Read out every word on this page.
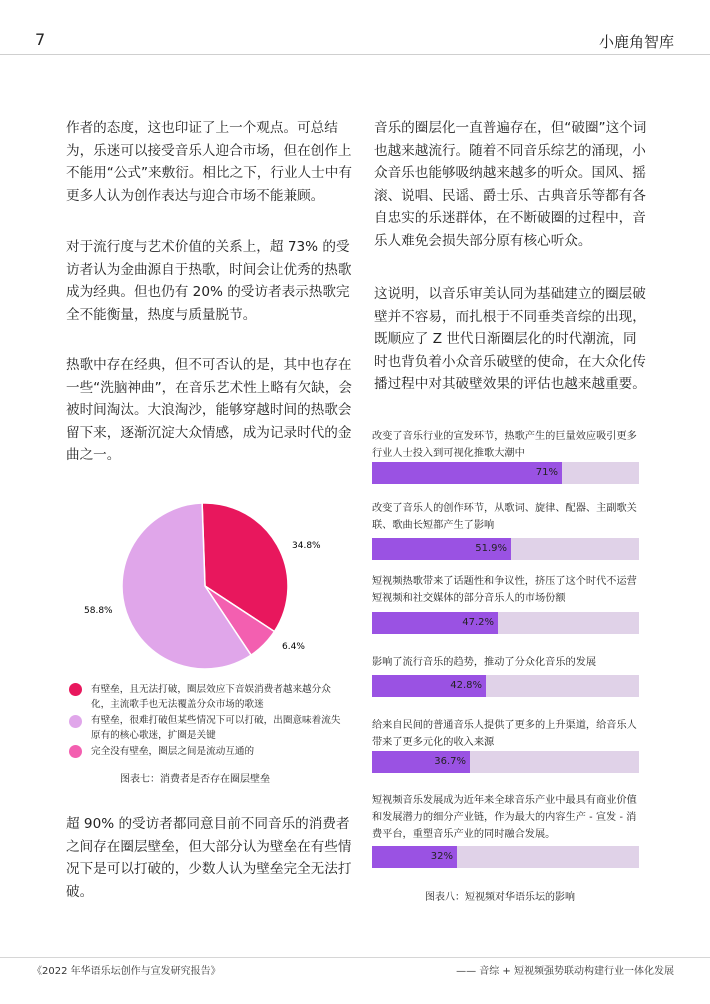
7	小鹿角智库

作者的态度，这也印证了上一个观点。可总结为，乐迷可以接受音乐人迎合市场，但在创作上不能用“公式”来敷衍。相比之下，行业人士中有更多人认为创作表达与迎合市场不能兼顾。

对于流行度与艺术价值的关系上，超 73% 的受访者认为金曲源自于热歌，时间会让优秀的热歌成为经典。但也仍有 20% 的受访者表示热歌完全不能衡量，热度与质量脱节。

热歌中存在经典，但不可否认的是，其中也存在一些“洗脑神曲”，在音乐艺术性上略有欠缺，会被时间淘汰。大浪淘沙，能够穿越时间的热歌会留下来，逐渐沉淀大众情感，成为记录时代的金曲之一。

34.8%
58.8%
6.4%
有壁垒，且无法打破，圈层效应下音娱消费者越来越分众化，主流歌手也无法覆盖分众市场的歌迷
有壁垒，很难打破但某些情况下可以打破，出圈意味着流失原有的核心歌迷，扩圈是关键
完全没有壁垒，圈层之间是流动互通的
图表七：消费者是否存在圈层壁垒

超 90% 的受访者都同意目前不同音乐的消费者之间存在圈层壁垒，但大部分认为壁垒在有些情况下是可以打破的，少数人认为壁垒完全无法打破。

音乐的圈层化一直普遍存在，但“破圈”这个词也越来越流行。随着不同音乐综艺的涌现，小众音乐也能够吸纳越来越多的听众。国风、摇滚、说唱、民谣、爵士乐、古典音乐等都有各自忠实的乐迷群体，在不断破圈的过程中，音乐人难免会损失部分原有核心听众。

这说明，以音乐审美认同为基础建立的圈层破壁并不容易，而扎根于不同垂类音综的出现，既顺应了 Z 世代日渐圈层化的时代潮流，同时也背负着小众音乐破壁的使命，在大众化传播过程中对其破壁效果的评估也越来越重要。

改变了音乐行业的宣发环节，热歌产生的巨量效应吸引更多行业人士投入到可视化推歌大潮中
71%
改变了音乐人的创作环节，从歌词、旋律、配器、主副歌关联、歌曲长短都产生了影响
51.9%
短视频热歌带来了话题性和争议性，挤压了这个时代不运营短视频和社交媒体的部分音乐人的市场份额
47.2%
影响了流行音乐的趋势，推动了分众化音乐的发展
42.8%
给来自民间的普通音乐人提供了更多的上升渠道，给音乐人带来了更多元化的收入来源
36.7%
短视频音乐发展成为近年来全球音乐产业中最具有商业价值和发展潜力的细分产业链，作为最大的内容生产 - 宣发 - 消费平台，重塑音乐产业的同时融合发展。
32%
图表八：短视频对华语乐坛的影响
《2022 年华语乐坛创作与宣发研究报告》	—— 音综 + 短视频强势联动构建行业一体化发展
